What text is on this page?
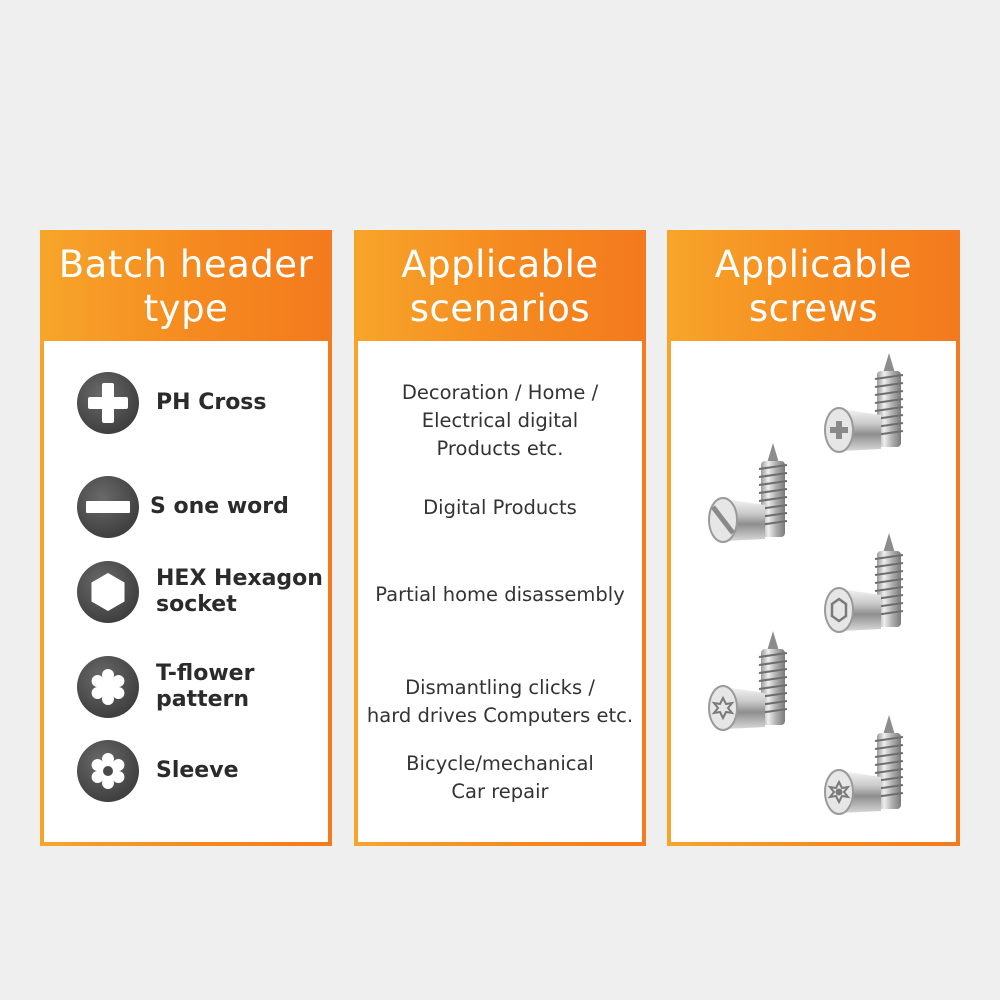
Batch header
type
PH Cross
S one word
HEX Hexagon
socket
T-flower
pattern
Sleeve
Applicable
scenarios
Decoration / Home /
Electrical digital
Products etc.
Digital Products
Partial home disassembly
Dismantling clicks /
hard drives Computers etc.
Bicycle/mechanical
Car repair
Applicable
screws
